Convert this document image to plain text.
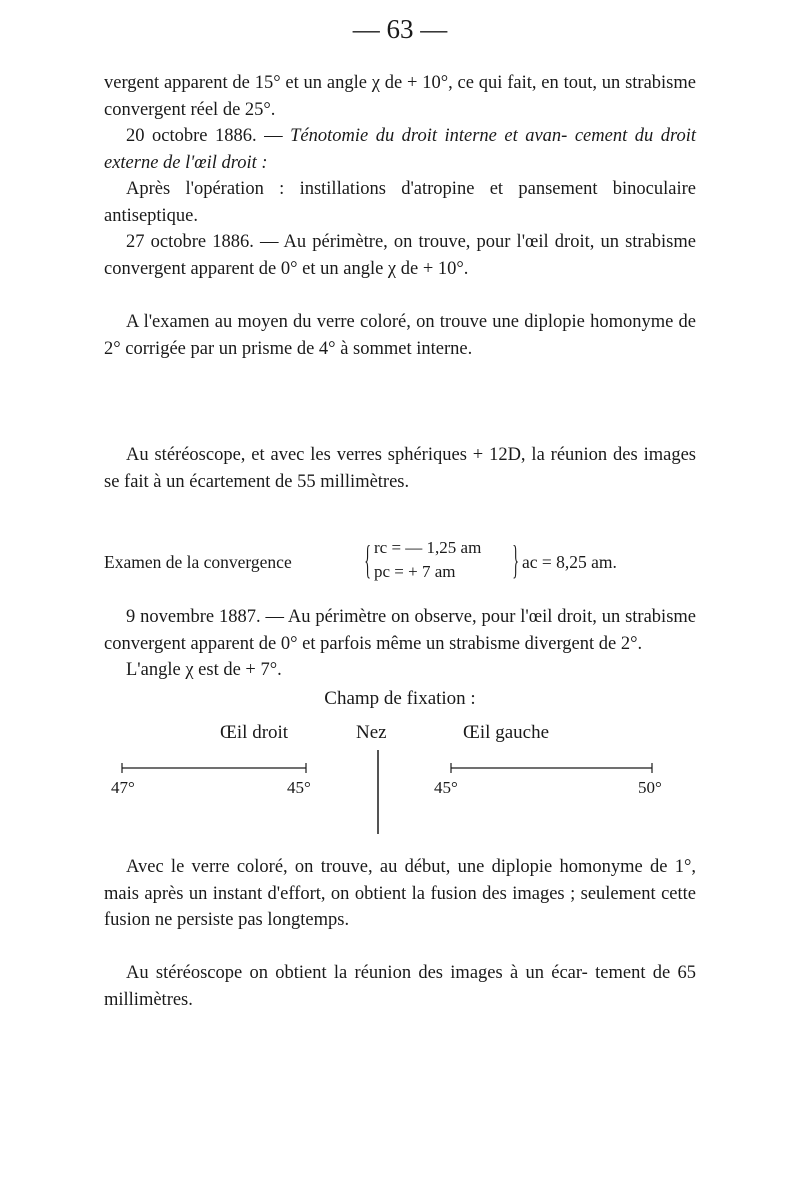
— 63 —

vergent apparent de 15° et un angle χ de + 10°, ce qui fait, en tout, un strabisme convergent réel de 25°.

20 octobre 1886. — Ténotomie du droit interne et avan- cement du droit externe de l'œil droit :

Après l'opération : instillations d'atropine et pansement binoculaire antiseptique.

27 octobre 1886. — Au périmètre, on trouve, pour l'œil droit, un strabisme convergent apparent de 0° et un angle χ de + 10°.

A l'examen au moyen du verre coloré, on trouve une diplopie homonyme de 2° corrigée par un prisme de 4° à sommet interne.

Au stéréoscope, et avec les verres sphériques + 12D, la réunion des images se fait à un écartement de 55 millimètres.

Examen de la convergence { rc = — 1,25 am
pc = + 7 am } ac = 8,25 am.

9 novembre 1887. — Au périmètre on observe, pour l'œil droit, un strabisme convergent apparent de 0° et parfois même un strabisme divergent de 2°.

L'angle χ est de + 7°.

Champ de fixation :
Œil droit	Nez	Œil gauche
47°	45°	45°	50°

Avec le verre coloré, on trouve, au début, une diplopie homonyme de 1°, mais après un instant d'effort, on obtient la fusion des images ; seulement cette fusion ne persiste pas longtemps.

Au stéréoscope on obtient la réunion des images à un écar- tement de 65 millimètres.
